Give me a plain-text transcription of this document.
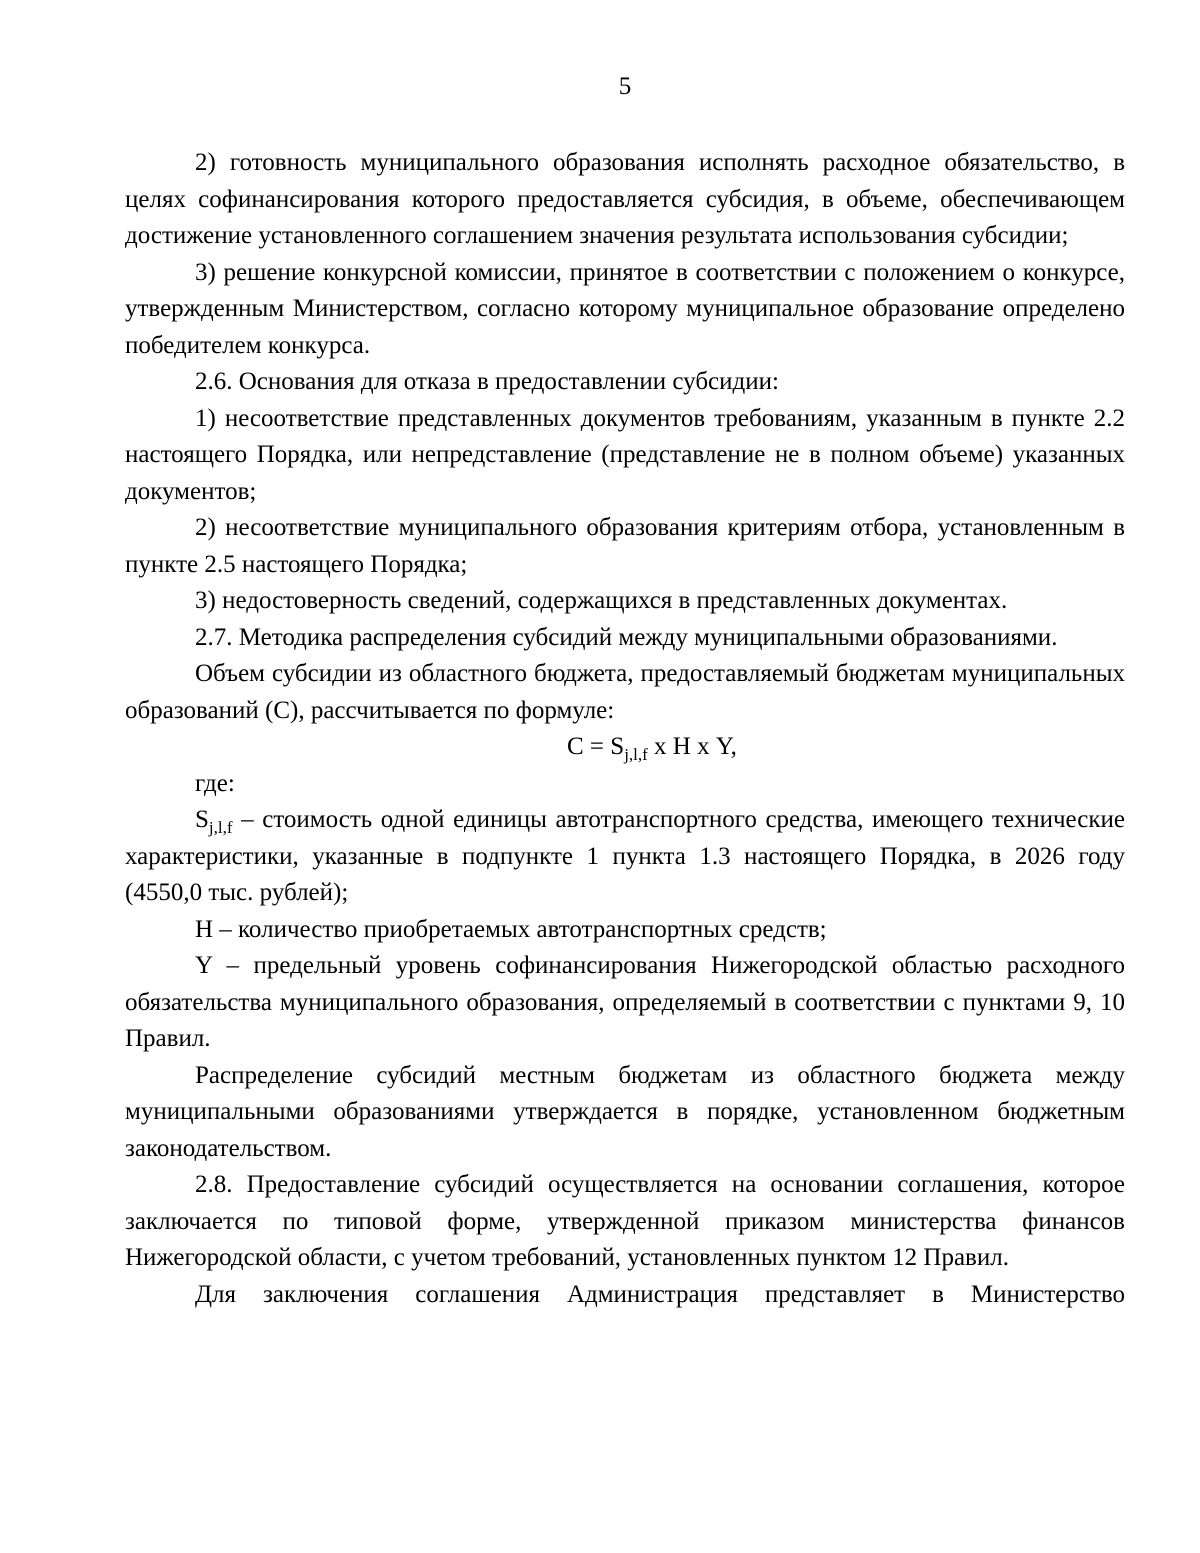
5

2) готовность муниципального образования исполнять расходное обязательство, в целях софинансирования которого предоставляется субсидия, в объеме, обеспечивающем достижение установленного соглашением значения результата использования субсидии;

3) решение конкурсной комиссии, принятое в соответствии с положением о конкурсе, утвержденным Министерством, согласно которому муниципальное образование определено победителем конкурса.

2.6. Основания для отказа в предоставлении субсидии:

1) несоответствие представленных документов требованиям, указанным в пункте 2.2 настоящего Порядка, или непредставление (представление не в полном объеме) указанных документов;

2) несоответствие муниципального образования критериям отбора, установленным в пункте 2.5 настоящего Порядка;

3) недостоверность сведений, содержащихся в представленных документах.

2.7. Методика распределения субсидий между муниципальными образованиями.

Объем субсидии из областного бюджета, предоставляемый бюджетам муниципальных образований (С), рассчитывается по формуле:

$С = S_{j,l,f}$ х Н х Y,

где:

$S_{j,l,f}$ – стоимость одной единицы автотранспортного средства, имеющего технические характеристики, указанные в подпункте 1 пункта 1.3 настоящего Порядка, в 2026 году (4550,0 тыс. рублей);

Н – количество приобретаемых автотранспортных средств;

Y – предельный уровень софинансирования Нижегородской областью расходного обязательства муниципального образования, определяемый в соответствии с пунктами 9, 10 Правил.

Распределение субсидий местным бюджетам из областного бюджета между муниципальными образованиями утверждается в порядке, установленном бюджетным законодательством.

2.8. Предоставление субсидий осуществляется на основании соглашения, которое заключается по типовой форме, утвержденной приказом министерства финансов Нижегородской области, с учетом требований, установленных пунктом 12 Правил.

Для заключения соглашения Администрация представляет в Министерство
